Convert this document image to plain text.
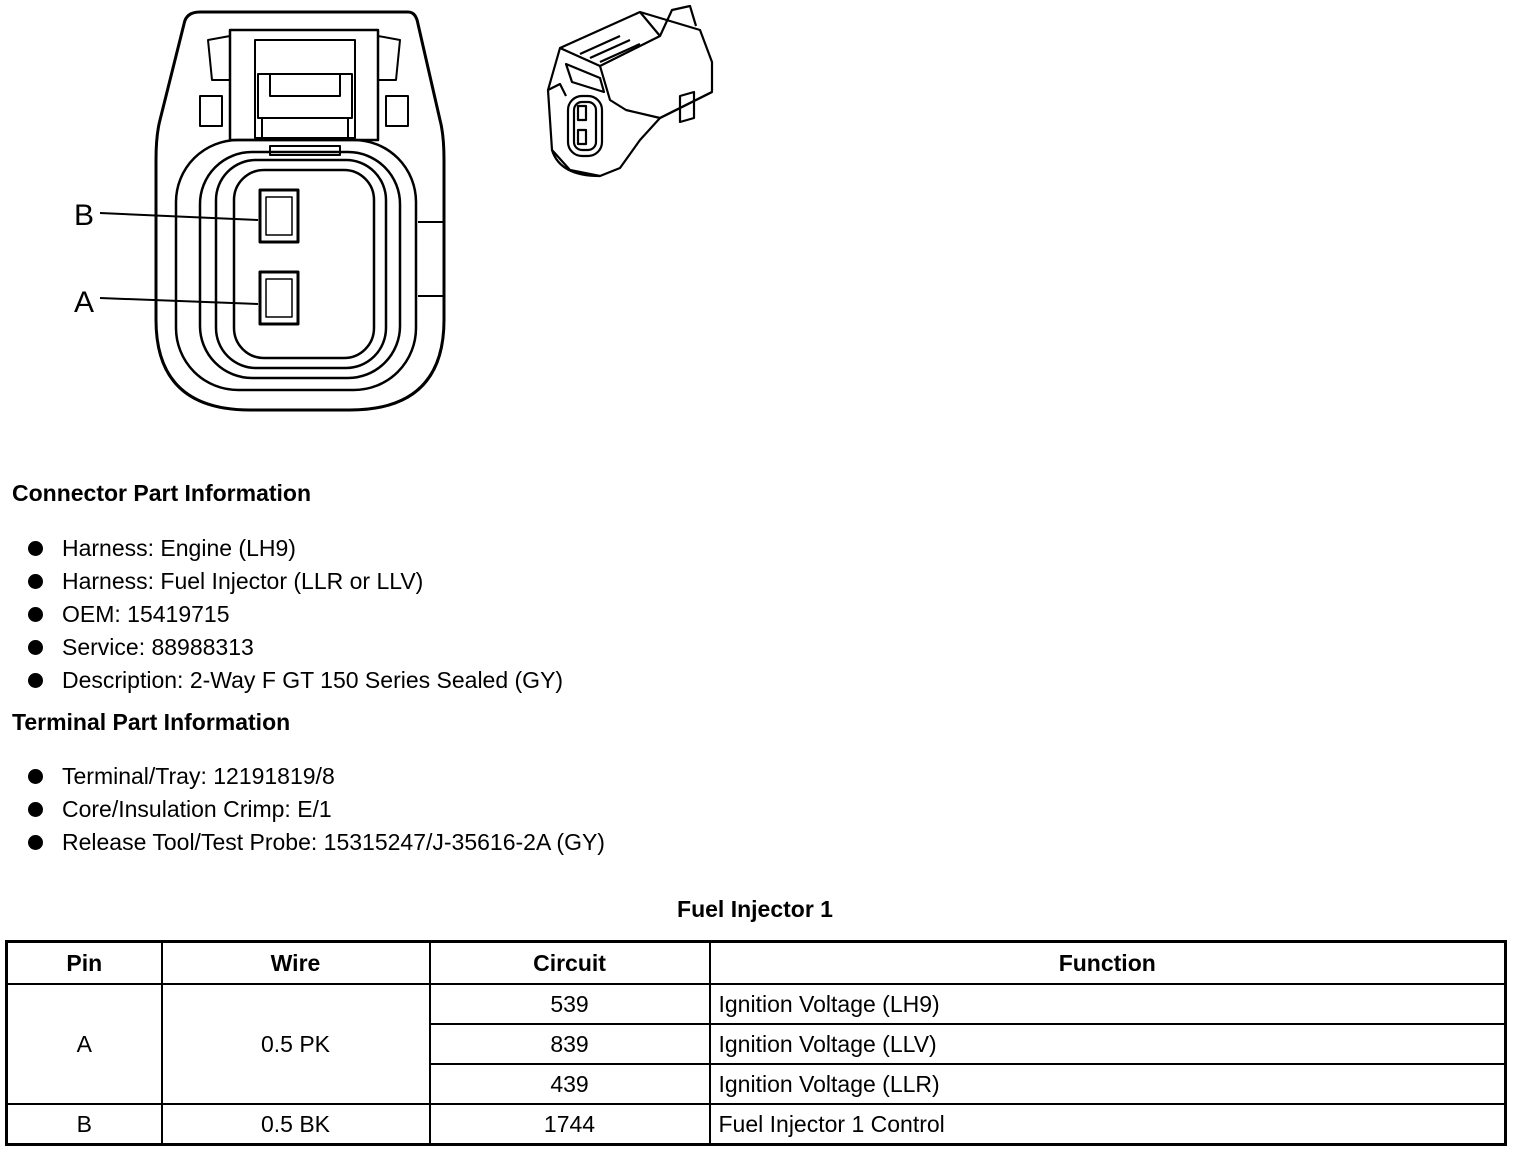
B
A
Connector Part Information
Harness: Engine (LH9)
Harness: Fuel Injector (LLR or LLV)
OEM: 15419715
Service: 88988313
Description: 2-Way F GT 150 Series Sealed (GY)
Terminal Part Information
Terminal/Tray: 12191819/8
Core/Insulation Crimp: E/1
Release Tool/Test Probe: 15315247/J-35616-2A (GY)
Fuel Injector 1
Pin	Wire	Circuit	Function
A	0.5 PK	539	Ignition Voltage (LH9)
		839	Ignition Voltage (LLV)
		439	Ignition Voltage (LLR)
B	0.5 BK	1744	Fuel Injector 1 Control
